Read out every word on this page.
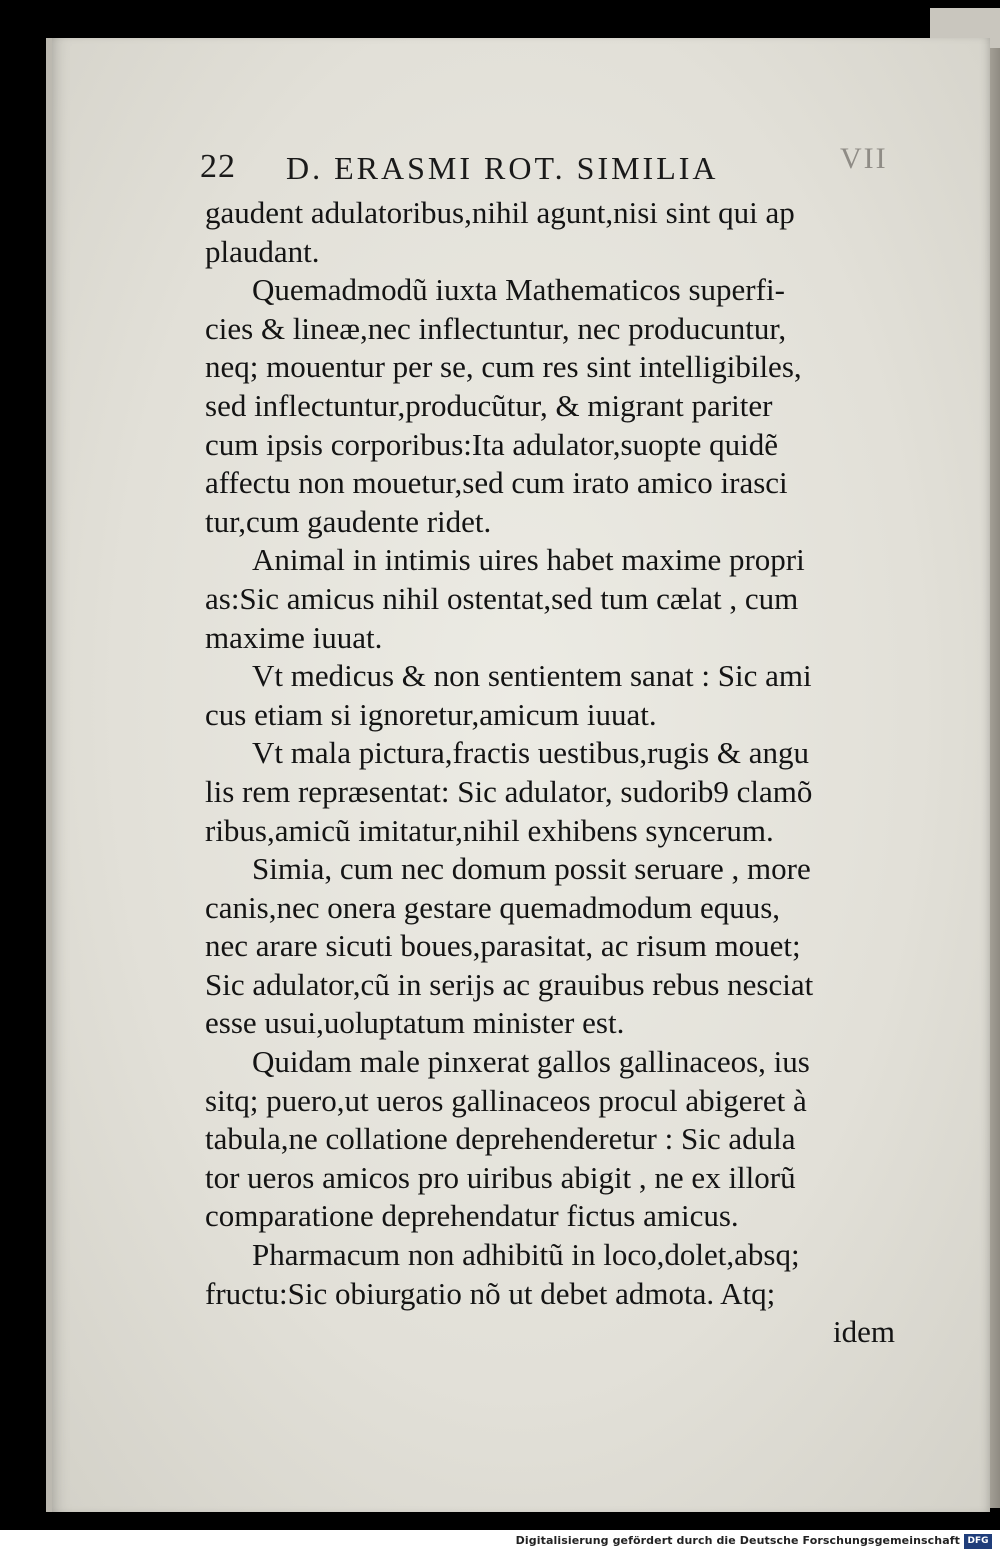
22 D. ERASMI ROT. SIMILIA	VII
gaudent adulatoribus,nihil agunt,nisi sint qui ap
plaudant.
Quemadmodũ iuxta Mathematicos superfi-
cies & lineæ,nec inflectuntur, nec producuntur,
neq; mouentur per se, cum res sint intelligibiles,
sed inflectuntur,producũtur, & migrant pariter
cum ipsis corporibus:Ita adulator,suopte quidẽ
affectu non mouetur,sed cum irato amico irasci
tur,cum gaudente ridet.
Animal in intimis uires habet maxime propri
as:Sic amicus nihil ostentat,sed tum cælat , cum
maxime iuuat.
Vt medicus & non sentientem sanat : Sic ami
cus etiam si ignoretur,amicum iuuat.
Vt mala pictura,fractis uestibus,rugis & angu
lis rem repræsentat: Sic adulator, sudorib9 clamõ
ribus,amicũ imitatur,nihil exhibens syncerum.
Simia, cum nec domum possit seruare , more
canis,nec onera gestare quemadmodum equus,
nec arare sicuti boues,parasitat, ac risum mouet;
Sic adulator,cũ in serijs ac grauibus rebus nesciat
esse usui,uoluptatum minister est.
Quidam male pinxerat gallos gallinaceos, ius
sitq; puero,ut ueros gallinaceos procul abigeret à
tabula,ne collatione deprehenderetur : Sic adula
tor ueros amicos pro uiribus abigit , ne ex illorũ
comparatione deprehendatur fictus amicus.
Pharmacum non adhibitũ in loco,dolet,absq;
fructu:Sic obiurgatio nõ ut debet admota. Atq;
idem
Digitalisierung gefördert durch die Deutsche Forschungsgemeinschaft DFG
